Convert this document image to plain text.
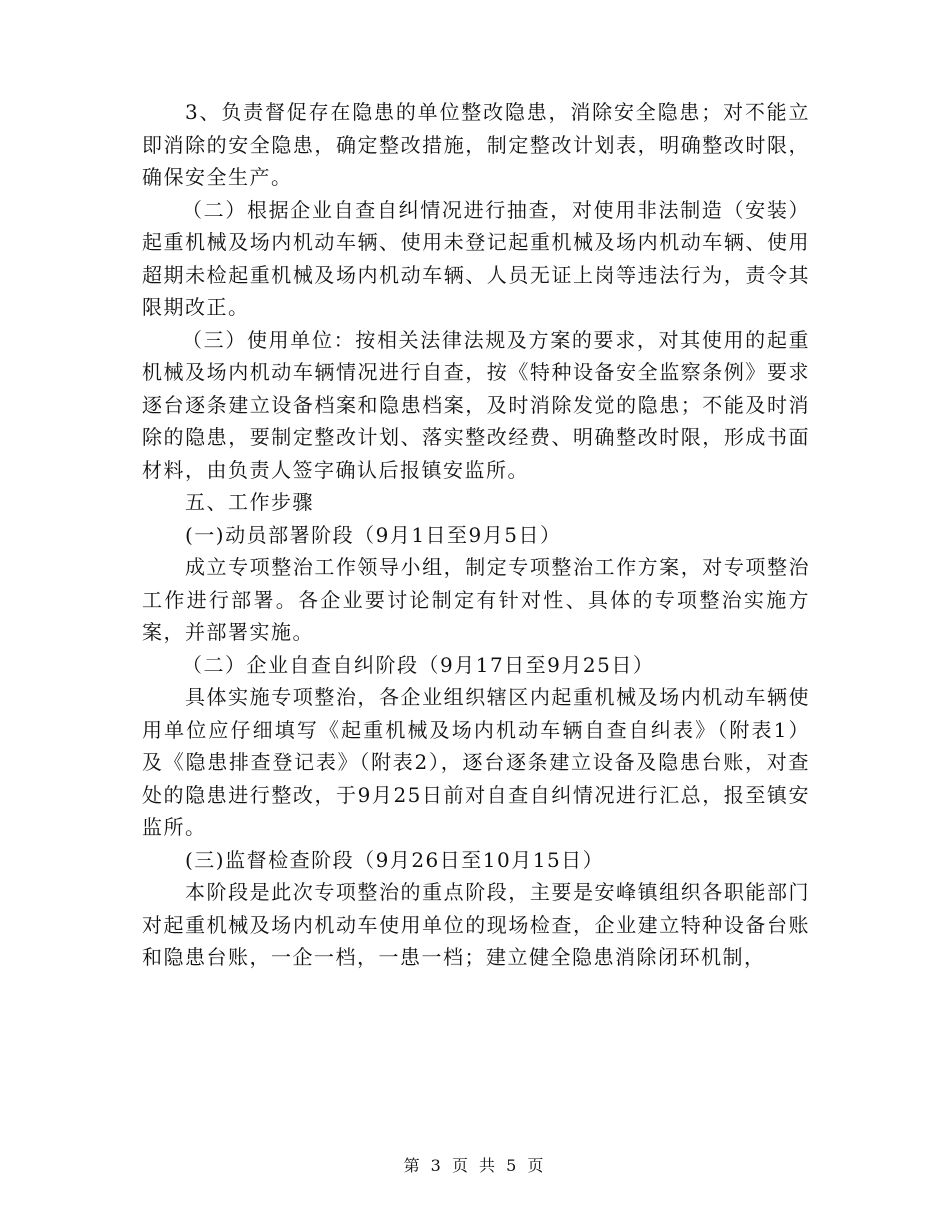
3、负责督促存在隐患的单位整改隐患，消除安全隐患；对不能立即消除的安全隐患，确定整改措施，制定整改计划表，明确整改时限，确保安全生产。

（二）根据企业自查自纠情况进行抽查，对使用非法制造（安装）起重机械及场内机动车辆、使用未登记起重机械及场内机动车辆、使用超期未检起重机械及场内机动车辆、人员无证上岗等违法行为，责令其限期改正。

（三）使用单位：按相关法律法规及方案的要求，对其使用的起重机械及场内机动车辆情况进行自查，按《特种设备安全监察条例》要求逐台逐条建立设备档案和隐患档案，及时消除发觉的隐患；不能及时消除的隐患，要制定整改计划、落实整改经费、明确整改时限，形成书面材料，由负责人签字确认后报镇安监所。

五、工作步骤

(一)动员部署阶段（9月1日至9月5日）

成立专项整治工作领导小组，制定专项整治工作方案，对专项整治工作进行部署。各企业要讨论制定有针对性、具体的专项整治实施方案，并部署实施。

（二）企业自查自纠阶段（9月17日至9月25日）

具体实施专项整治，各企业组织辖区内起重机械及场内机动车辆使用单位应仔细填写《起重机械及场内机动车辆自查自纠表》（附表1）及《隐患排查登记表》（附表2），逐台逐条建立设备及隐患台账，对查处的隐患进行整改，于9月25日前对自查自纠情况进行汇总，报至镇安监所。

(三)监督检查阶段（9月26日至10月15日）

本阶段是此次专项整治的重点阶段，主要是安峰镇组织各职能部门对起重机械及场内机动车使用单位的现场检查，企业建立特种设备台账和隐患台账，一企一档，一患一档；建立健全隐患消除闭环机制，

第 3 页 共 5 页
